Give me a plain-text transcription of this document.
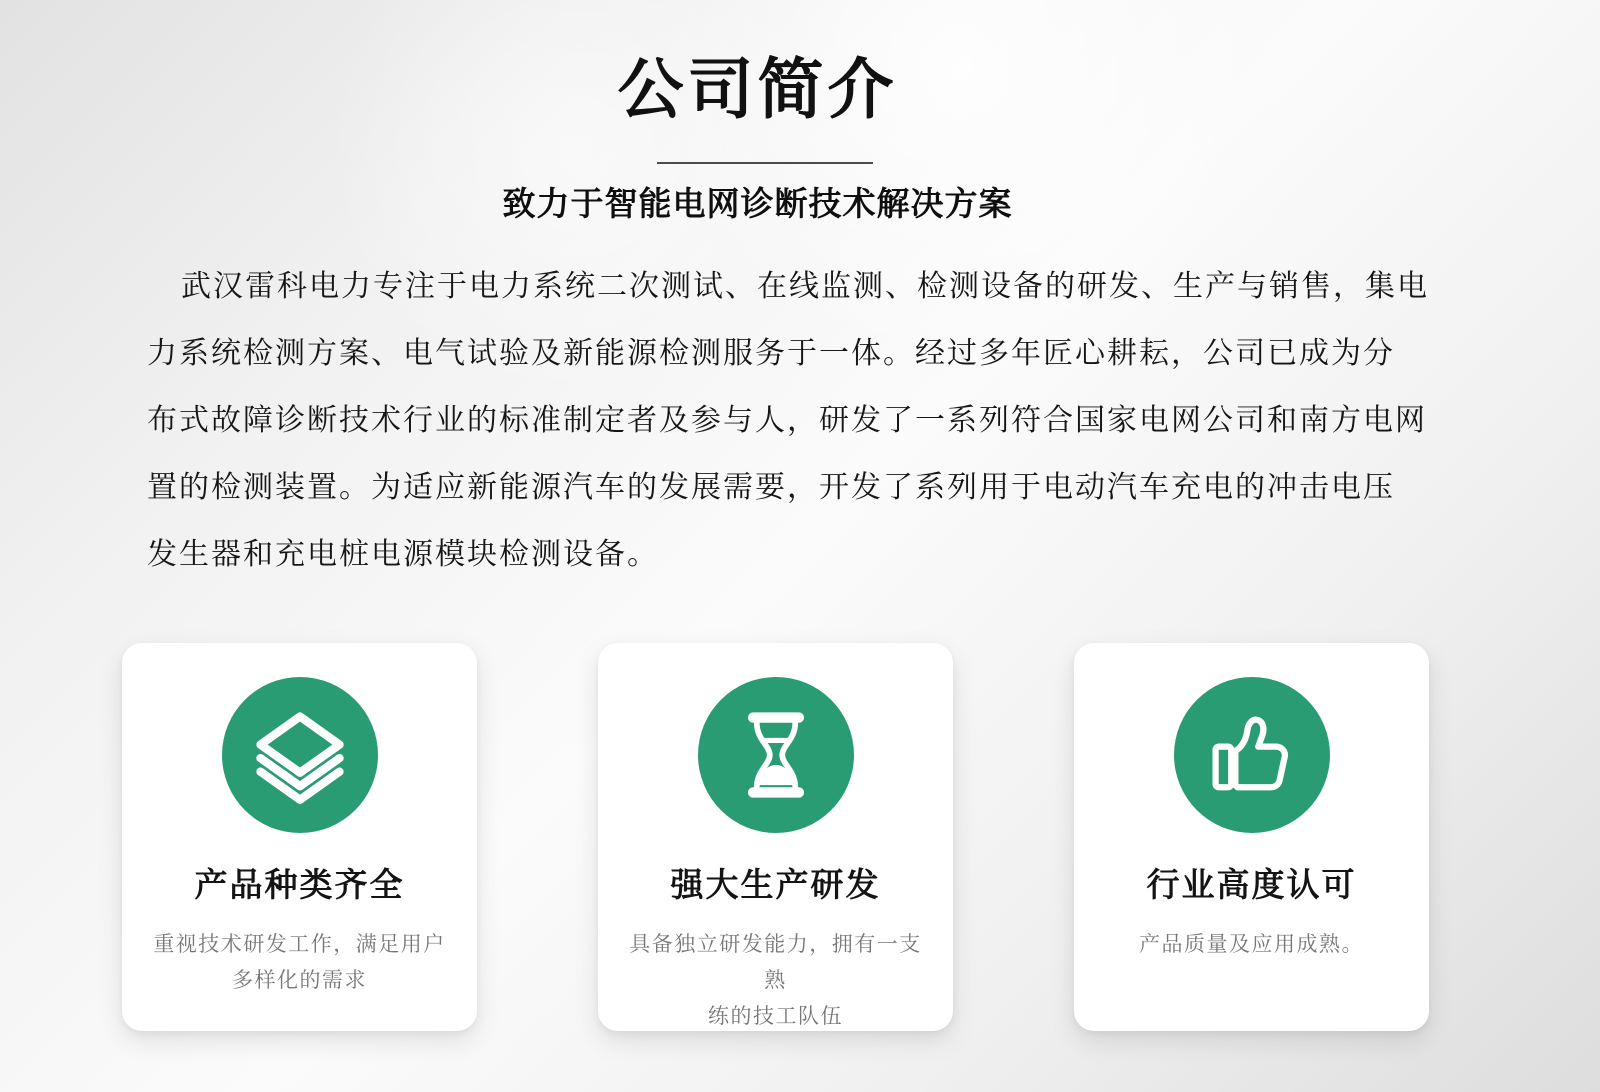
公司简介
致力于智能电网诊断技术解决方案
武汉雷科电力专注于电力系统二次测试、在线监测、检测设备的研发、生产与销售，集电
力系统检测方案、电气试验及新能源检测服务于一体。经过多年匠心耕耘，公司已成为分
布式故障诊断技术行业的标准制定者及参与人，研发了一系列符合国家电网公司和南方电网
置的检测装置。为适应新能源汽车的发展需要，开发了系列用于电动汽车充电的冲击电压
发生器和充电桩电源模块检测设备。
产品种类齐全
重视技术研发工作，满足用户
多样化的需求
强大生产研发
具备独立研发能力，拥有一支熟
练的技工队伍
行业高度认可
产品质量及应用成熟。
